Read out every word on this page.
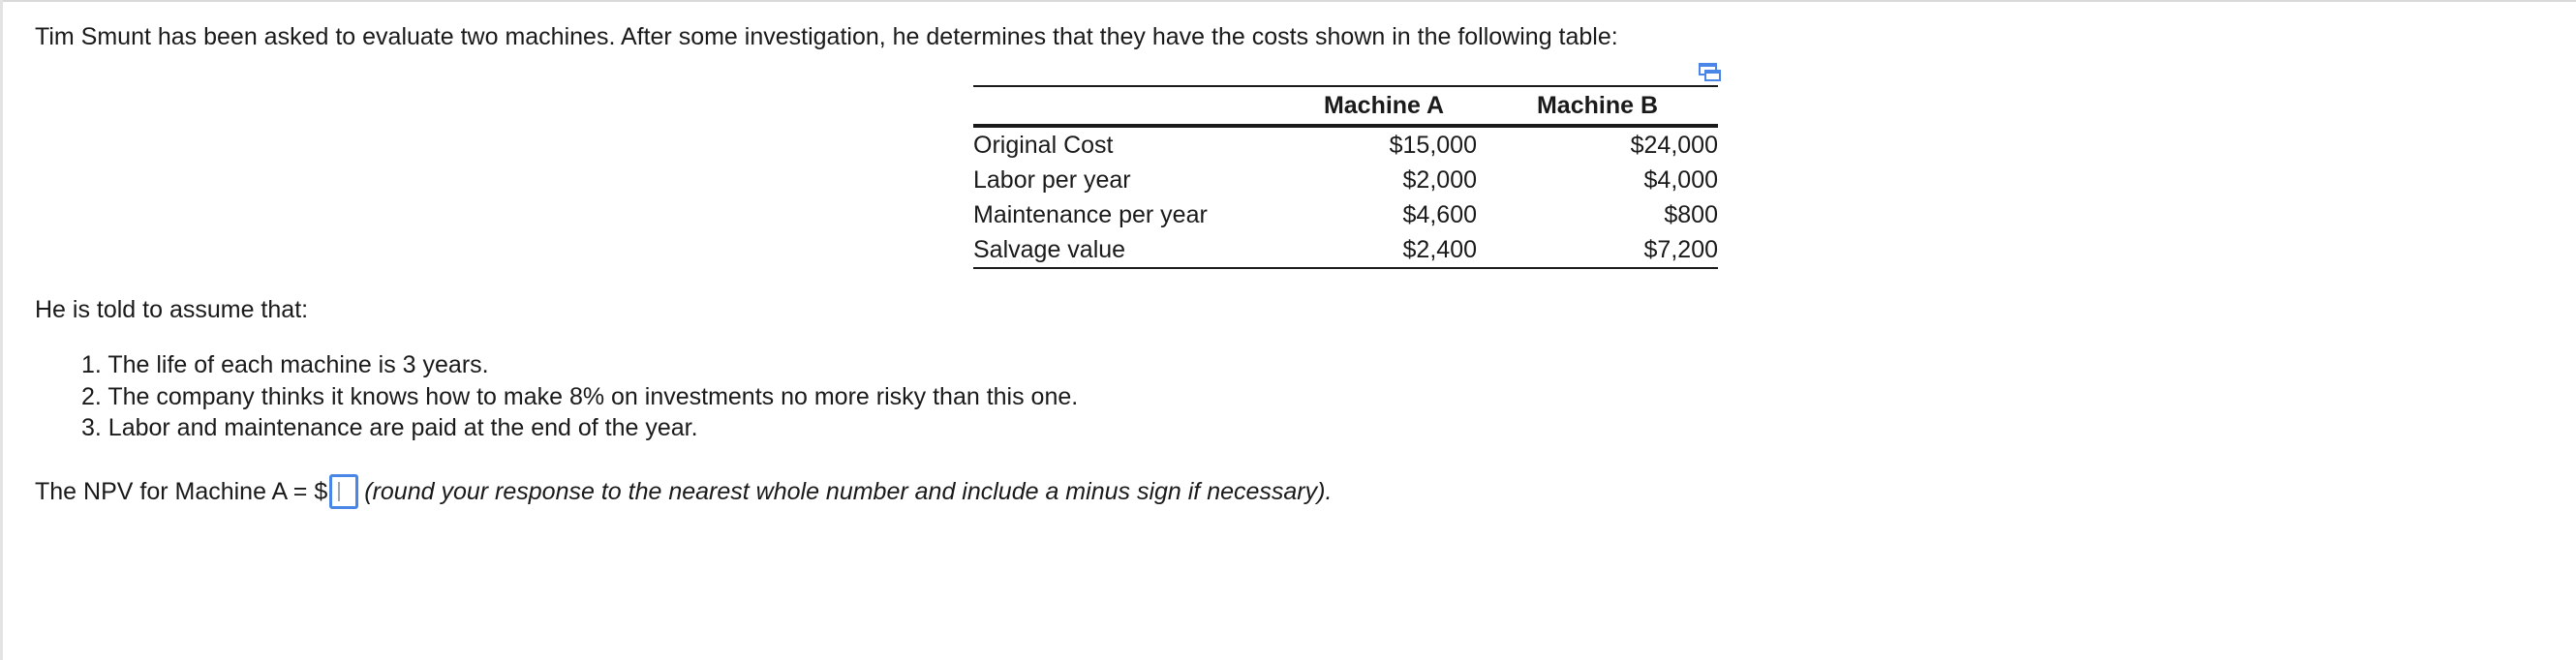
Tim Smunt has been asked to evaluate two machines. After some investigation, he determines that they have the costs shown in the following table:
	Machine A	Machine B
Original Cost	$15,000	$24,000
Labor per year	$2,000	$4,000
Maintenance per year	$4,600	$800
Salvage value	$2,400	$7,200
He is told to assume that:
1. The life of each machine is 3 years.
2. The company thinks it knows how to make 8% on investments no more risky than this one.
3. Labor and maintenance are paid at the end of the year.
The NPV for Machine A = $ (round your response to the nearest whole number and include a minus sign if necessary).
